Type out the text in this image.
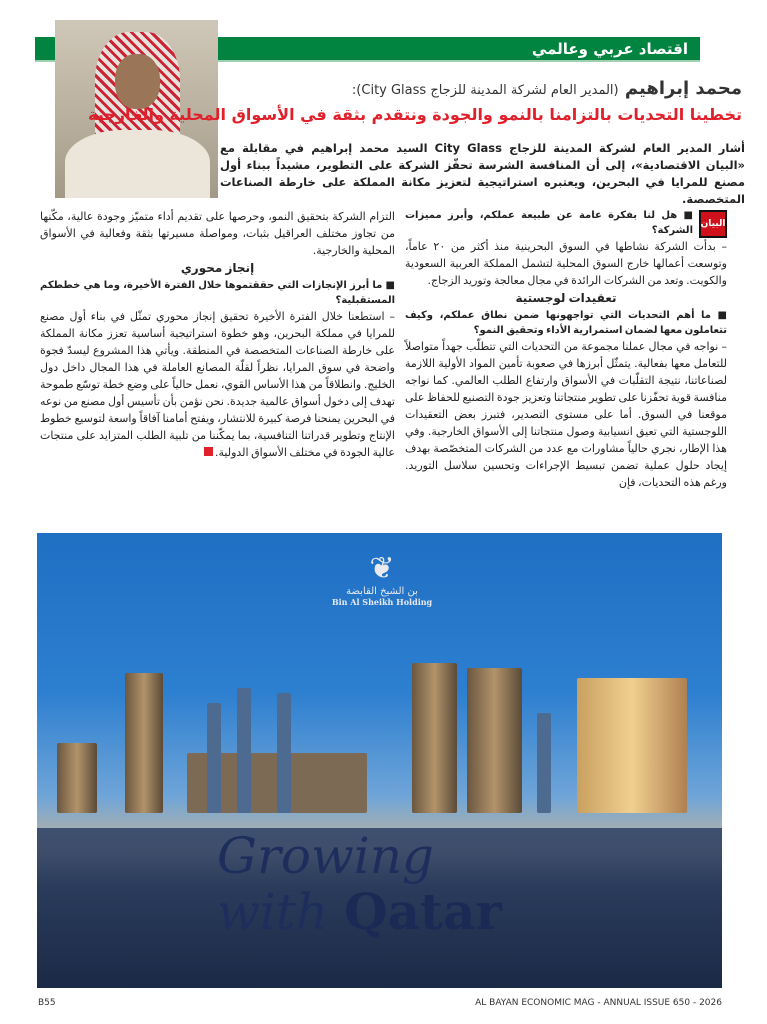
اقتصاد عربي وعالمي
محمد إبراهيم (المدير العام لشركة المدينة للزجاج City Glass):
تخطينا التحديات بالتزامنا بالنمو والجودة ونتقدم بثقة في الأسواق المحلية والخارجية
أشار المدير العام لشركة المدينة للزجاج City Glass السيد محمد إبراهيم في مقابلة مع «البيان الاقتصادية»، إلى أن المنافسة الشرسة تحفّز الشركة على التطوير، مشيداً ببناء أول مصنع للمرايا في البحرين، ويعتبره استراتيجية لتعزيز مكانة المملكة على خارطة الصناعات المتخصصة.
البيان

■ هل لنا بفكرة عامة عن طبيعة عملكم، وأبرز مميزات الشركة؟

– بدأت الشركة نشاطها في السوق البحرينية منذ أكثر من ٢٠ عاماً، وتوسعت أعمالها خارج السوق المحلية لتشمل المملكة العربية السعودية والكويت. وتعد من الشركات الرائدة في مجال معالجة وتوريد الزجاج.

تعقيدات لوجستية

■ ما أهم التحديات التي تواجهونها ضمن نطاق عملكم، وكيف تتعاملون معها لضمان استمرارية الأداء وتحقيق النمو؟

– نواجه في مجال عملنا مجموعة من التحديات التي تتطلّب جهداً متواصلاً للتعامل معها بفعالية. يتمثّل أبرزها في صعوبة تأمين المواد الأولية اللازمة لصناعاتنا، نتيجة التقلّبات في الأسواق وارتفاع الطلب العالمي. كما نواجه منافسة قوية تحفّزنا على تطوير منتجاتنا وتعزيز جودة التصنيع للحفاظ على موقعنا في السوق. أما على مستوى التصدير، فتبرز بعض التعقيدات اللوجستية التي تعيق انسيابية وصول منتجاتنا إلى الأسواق الخارجية. وفي هذا الإطار، نجري حالياً مشاورات مع عدد من الشركات المتخصّصة بهدف إيجاد حلول عملية تضمن تبسيط الإجراءات وتحسين سلاسل التوريد. ورغم هذه التحديات، فإن

التزام الشركة بتحقيق النمو، وحرصها على تقديم أداء متميّز وجودة عالية، مكّنها من تجاوز مختلف العراقيل بثبات، ومواصلة مسيرتها بثقة وفعالية في الأسواق المحلية والخارجية.

إنجاز محوري

■ ما أبرز الإنجازات التي حققتموها خلال الفترة الأخيرة، وما هي خططكم المستقبلية؟

– استطعنا خلال الفترة الأخيرة تحقيق إنجاز محوري تمثّل في بناء أول مصنع للمرايا في مملكة البحرين، وهو خطوة استراتيجية أساسية تعزز مكانة المملكة على خارطة الصناعات المتخصصة في المنطقة. ويأتي هذا المشروع ليسدّ فجوة واضحة في سوق المرايا، نظراً لقلّة المصانع العاملة في هذا المجال داخل دول الخليج. وانطلاقاً من هذا الأساس القوي، نعمل حالياً على وضع خطة توسّع طموحة تهدف إلى دخول أسواق عالمية جديدة. نحن نؤمن بأن تأسيس أول مصنع من نوعه في البحرين يمنحنا فرصة كبيرة للانتشار، ويفتح أمامنا آفاقاً واسعة لتوسيع خطوط الإنتاج وتطوير قدراتنا التنافسية، بما يمكّننا من تلبية الطلب المتزايد على منتجات عالية الجودة في مختلف الأسواق الدولية.

❦
بن الشيخ القابضة
Bin Al Sheikh Holding
Growing
with Qatar
B55	AL BAYAN ECONOMIC MAG - ANNUAL ISSUE 650 - 2026
